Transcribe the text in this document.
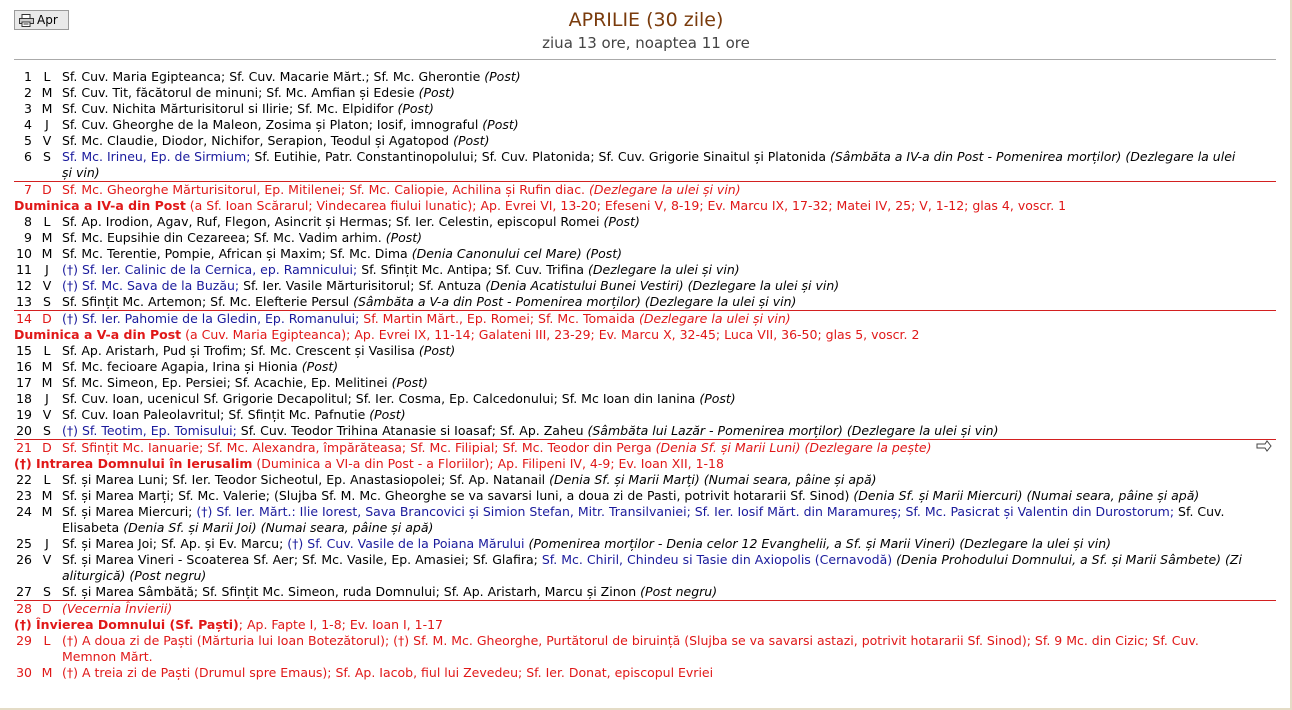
Apr	APRILIE (30 zile)
ziua 13 ore, noaptea 11 ore
1 L Sf. Cuv. Maria Egipteanca; Sf. Cuv. Macarie Mărt.; Sf. Mc. Gherontie (Post)
2 M Sf. Cuv. Tit, făcătorul de minuni; Sf. Mc. Amfian și Edesie (Post)
3 M Sf. Cuv. Nichita Mărturisitorul si Ilirie; Sf. Mc. Elpidifor (Post)
4	J	Sf. Cuv. Gheorghe de la Maleon, Zosima și Platon; Iosif, imnograful (Post)
5 V Sf. Mc. Claudie, Diodor, Nichifor, Serapion, Teodul și Agatopod (Post)
6 S Sf. Mc. Irineu, Ep. de Sirmium; Sf. Eutihie, Patr. Constantinopolului; Sf. Cuv. Platonida; Sf. Cuv. Grigorie Sinaitul și Platonida (Sâmbăta a IV-a din Post - Pomenirea morților) (Dezlegare la ulei și vin)
7 D Sf. Mc. Gheorghe Mărturisitorul, Ep. Mitilenei; Sf. Mc. Caliopie, Achilina și Rufin diac. (Dezlegare la ulei și vin)
Duminica a IV-a din Post (a Sf. Ioan Scărarul; Vindecarea fiului lunatic); Ap. Evrei VI, 13-20; Efeseni V, 8-19; Ev. Marcu IX, 17-32; Matei IV, 25; V, 1-12; glas 4, voscr. 1
8 L Sf. Ap. Irodion, Agav, Ruf, Flegon, Asincrit și Hermas; Sf. Ier. Celestin, episcopul Romei (Post)
9 M Sf. Mc. Eupsihie din Cezareea; Sf. Mc. Vadim arhim. (Post)
10 M Sf. Mc. Terentie, Pompie, African și Maxim; Sf. Mc. Dima (Denia Canonului cel Mare) (Post)
11	J	(†) Sf. Ier. Calinic de la Cernica, ep. Ramnicului; Sf. Sfințit Mc. Antipa; Sf. Cuv. Trifina (Dezlegare la ulei și vin)
12 V (†) Sf. Mc. Sava de la Buzău; Sf. Ier. Vasile Mărturisitorul; Sf. Antuza (Denia Acatistului Bunei Vestiri) (Dezlegare la ulei și vin)
13 S Sf. Sfințit Mc. Artemon; Sf. Mc. Elefterie Persul (Sâmbăta a V-a din Post - Pomenirea morților) (Dezlegare la ulei și vin)
14 D (†) Sf. Ier. Pahomie de la Gledin, Ep. Romanului; Sf. Martin Mărt., Ep. Romei; Sf. Mc. Tomaida (Dezlegare la ulei și vin)
Duminica a V-a din Post (a Cuv. Maria Egipteanca); Ap. Evrei IX, 11-14; Galateni III, 23-29; Ev. Marcu X, 32-45; Luca VII, 36-50; glas 5, voscr. 2
15 L Sf. Ap. Aristarh, Pud și Trofim; Sf. Mc. Crescent și Vasilisa (Post)
16 M Sf. Mc. fecioare Agapia, Irina și Hionia (Post)
17 M Sf. Mc. Simeon, Ep. Persiei; Sf. Acachie, Ep. Melitinei (Post)
18	J	Sf. Cuv. Ioan, ucenicul Sf. Grigorie Decapolitul; Sf. Ier. Cosma, Ep. Calcedonului; Sf. Mc Ioan din Ianina (Post)
19 V Sf. Cuv. Ioan Paleolavritul; Sf. Sfințit Mc. Pafnutie (Post)
20 S (†) Sf. Teotim, Ep. Tomisului; Sf. Cuv. Teodor Trihina Atanasie si Ioasaf; Sf. Ap. Zaheu (Sâmbăta lui Lazăr - Pomenirea morților) (Dezlegare la ulei și vin)
21 D Sf. Sfințit Mc. Ianuarie; Sf. Mc. Alexandra, împărăteasa; Sf. Mc. Filipial; Sf. Mc. Teodor din Perga (Denia Sf. și Marii Luni) (Dezlegare la pește)
(†) Intrarea Domnului în Ierusalim (Duminica a VI-a din Post - a Floriilor); Ap. Filipeni IV, 4-9; Ev. Ioan XII, 1-18
22 L Sf. și Marea Luni; Sf. Ier. Teodor Sicheotul, Ep. Anastasiopolei; Sf. Ap. Natanail (Denia Sf. și Marii Marți) (Numai seara, pâine și apă)
23 M Sf. și Marea Marți; Sf. Mc. Valerie; (Slujba Sf. M. Mc. Gheorghe se va savarsi luni, a doua zi de Pasti, potrivit hotararii Sf. Sinod) (Denia Sf. și Marii Miercuri) (Numai seara, pâine și apă)
24 M Sf. și Marea Miercuri; (†) Sf. Ier. Mărt.: Ilie Iorest, Sava Brancovici și Simion Stefan, Mitr. Transilvaniei; Sf. Ier. Iosif Mărt. din Maramureș; Sf. Mc. Pasicrat și Valentin din Durostorum; Sf. Cuv. Elisabeta (Denia Sf. și Marii Joi) (Numai seara, pâine și apă)
25	J	Sf. și Marea Joi; Sf. Ap. și Ev. Marcu; (†) Sf. Cuv. Vasile de la Poiana Mărului (Pomenirea morților - Denia celor 12 Evanghelii, a Sf. și Marii Vineri) (Dezlegare la ulei și vin)
26 V Sf. și Marea Vineri - Scoaterea Sf. Aer; Sf. Mc. Vasile, Ep. Amasiei; Sf. Glafira; Sf. Mc. Chiril, Chindeu si Tasie din Axiopolis (Cernavodă) (Denia Prohodului Domnului, a Sf. și Marii Sâmbete) (Zi aliturgică) (Post negru)
27 S Sf. și Marea Sâmbătă; Sf. Sfințit Mc. Simeon, ruda Domnului; Sf. Ap. Aristarh, Marcu și Zinon (Post negru)
28 D (Vecernia Învierii)
(†) Învierea Domnului (Sf. Paști); Ap. Fapte I, 1-8; Ev. Ioan I, 1-17
29 L (†) A doua zi de Paști (Mărturia lui Ioan Botezătorul); (†) Sf. M. Mc. Gheorghe, Purtătorul de biruință (Slujba se va savarsi astazi, potrivit hotararii Sf. Sinod); Sf. 9 Mc. din Cizic; Sf. Cuv. Memnon Mărt.
30 M (†) A treia zi de Paști (Drumul spre Emaus); Sf. Ap. Iacob, fiul lui Zevedeu; Sf. Ier. Donat, episcopul Evriei
